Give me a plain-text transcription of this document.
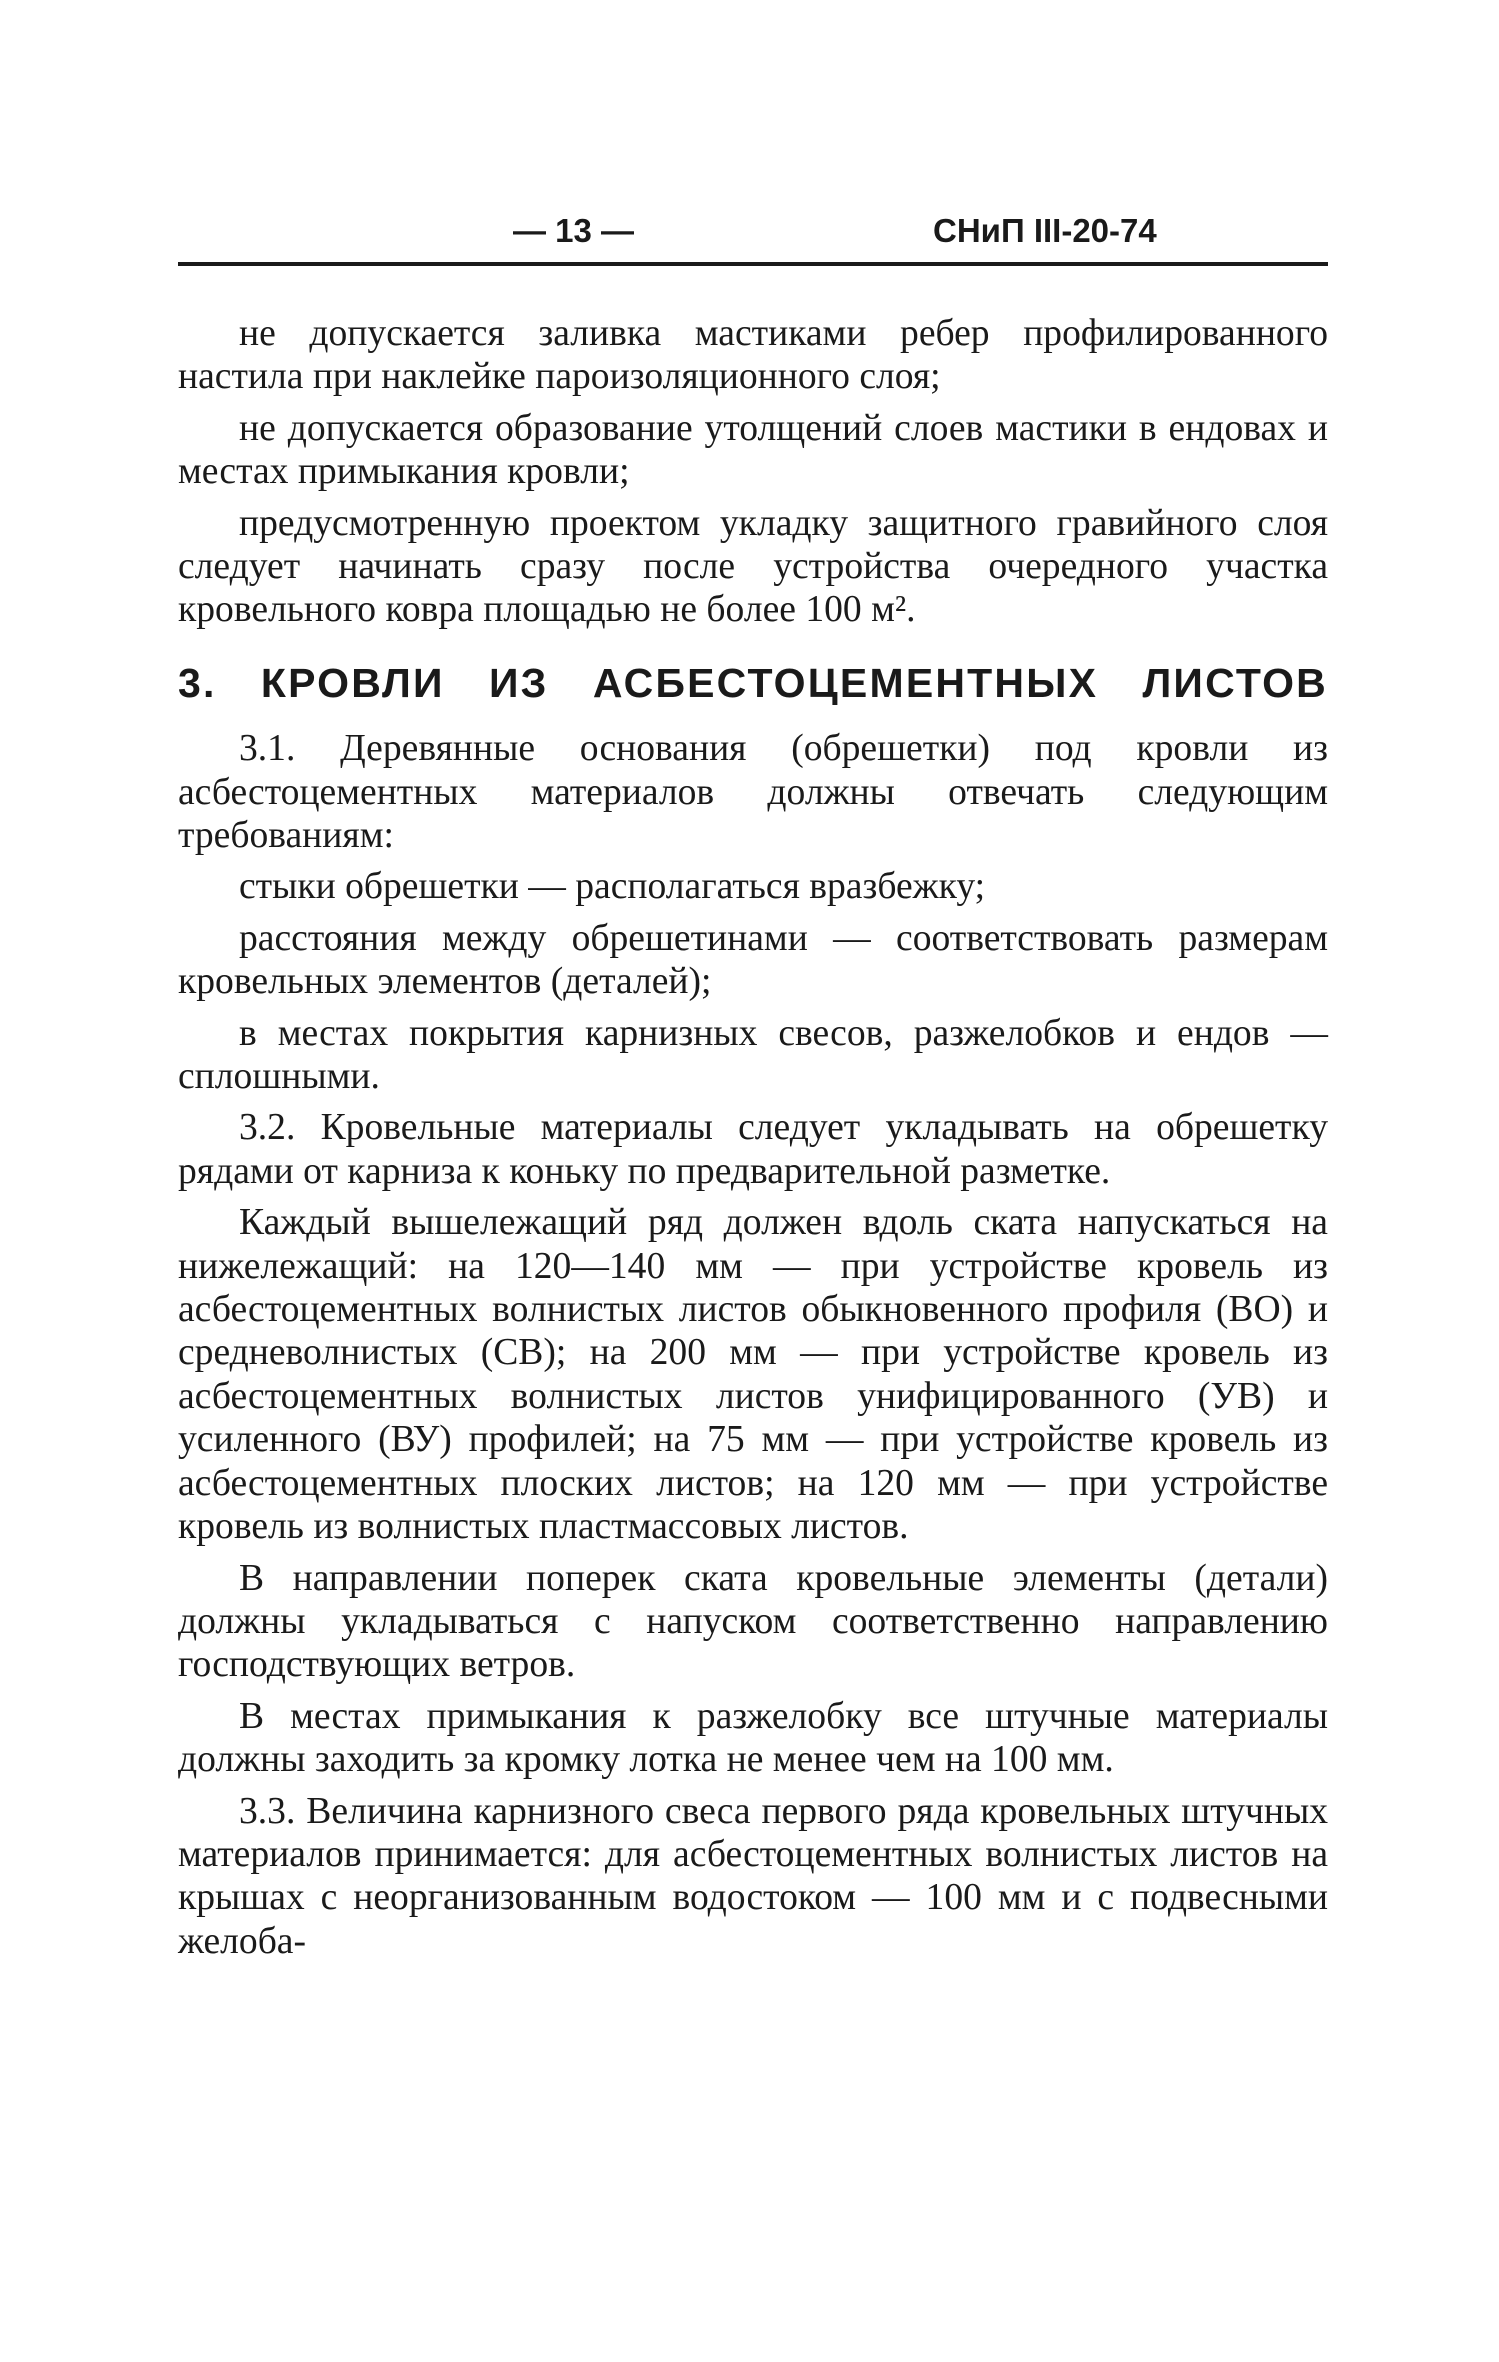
— 13 —	СНиП III-20-74

не допускается заливка мастиками ребер профилированного настила при наклейке пароизоляционного слоя;

не допускается образование утолщений слоев мастики в ендовах и местах примыкания кровли;

предусмотренную проектом укладку защитного гравийного слоя следует начинать сразу после устройства очередного участка кровельного ковра площадью не более 100 м².

3. КРОВЛИ ИЗ АСБЕСТОЦЕМЕНТНЫХ ЛИСТОВ

3.1. Деревянные основания (обрешетки) под кровли из асбестоцементных материалов должны отвечать следующим требованиям:

стыки обрешетки — располагаться вразбежку;

расстояния между обрешетинами — соответствовать размерам кровельных элементов (деталей);

в местах покрытия карнизных свесов, разжелобков и ендов — сплошными.

3.2. Кровельные материалы следует укладывать на обрешетку рядами от карниза к коньку по предварительной разметке.

Каждый вышележащий ряд должен вдоль ската напускаться на нижележащий: на 120—140 мм — при устройстве кровель из асбестоцементных волнистых листов обыкновенного профиля (ВО) и средневолнистых (СВ); на 200 мм — при устройстве кровель из асбестоцементных волнистых листов унифицированного (УВ) и усиленного (ВУ) профилей; на 75 мм — при устройстве кровель из асбестоцементных плоских листов; на 120 мм — при устройстве кровель из волнистых пластмассовых листов.

В направлении поперек ската кровельные элементы (детали) должны укладываться с напуском соответственно направлению господствующих ветров.

В местах примыкания к разжелобку все штучные материалы должны заходить за кромку лотка не менее чем на 100 мм.

3.3. Величина карнизного свеса первого ряда кровельных штучных материалов принимается: для асбестоцементных волнистых листов на крышах с неорганизованным водостоком — 100 мм и с подвесными желоба-
